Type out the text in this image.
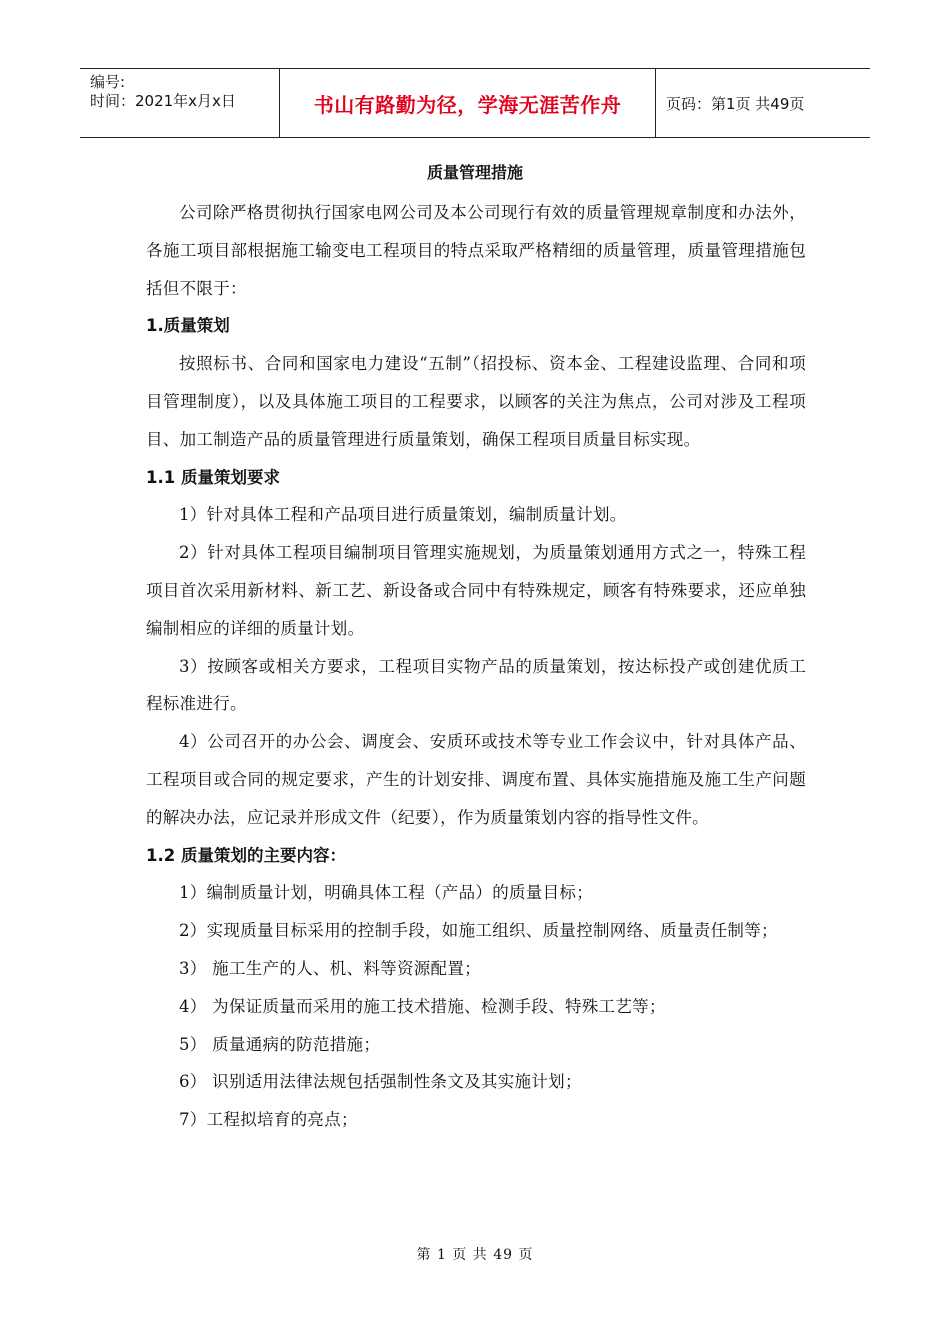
编号:
时间：2021年x月x日	书山有路勤为径，学海无涯苦作舟	页码：第1页 共49页
质量管理措施

公司除严格贯彻执行国家电网公司及本公司现行有效的质量管理规章制度和办法外，各施工项目部根据施工输变电工程项目的特点采取严格精细的质量管理，质量管理措施包括但不限于：

1.质量策划

按照标书、合同和国家电力建设“五制”（招投标、资本金、工程建设监理、合同和项目管理制度），以及具体施工项目的工程要求，以顾客的关注为焦点，公司对涉及工程项目、加工制造产品的质量管理进行质量策划，确保工程项目质量目标实现。

1.1 质量策划要求

1）针对具体工程和产品项目进行质量策划，编制质量计划。

2）针对具体工程项目编制项目管理实施规划，为质量策划通用方式之一，特殊工程项目首次采用新材料、新工艺、新设备或合同中有特殊规定，顾客有特殊要求，还应单独编制相应的详细的质量计划。

3）按顾客或相关方要求，工程项目实物产品的质量策划，按达标投产或创建优质工程标准进行。

4）公司召开的办公会、调度会、安质环或技术等专业工作会议中，针对具体产品、工程项目或合同的规定要求，产生的计划安排、调度布置、具体实施措施及施工生产问题的解决办法，应记录并形成文件（纪要），作为质量策划内容的指导性文件。

1.2 质量策划的主要内容：

1）编制质量计划，明确具体工程（产品）的质量目标；

2）实现质量目标采用的控制手段，如施工组织、质量控制网络、质量责任制等；

3） 施工生产的人、机、料等资源配置；

4） 为保证质量而采用的施工技术措施、检测手段、特殊工艺等；

5） 质量通病的防范措施；

6） 识别适用法律法规包括强制性条文及其实施计划；

7）工程拟培育的亮点；

第 1 页 共 49 页
